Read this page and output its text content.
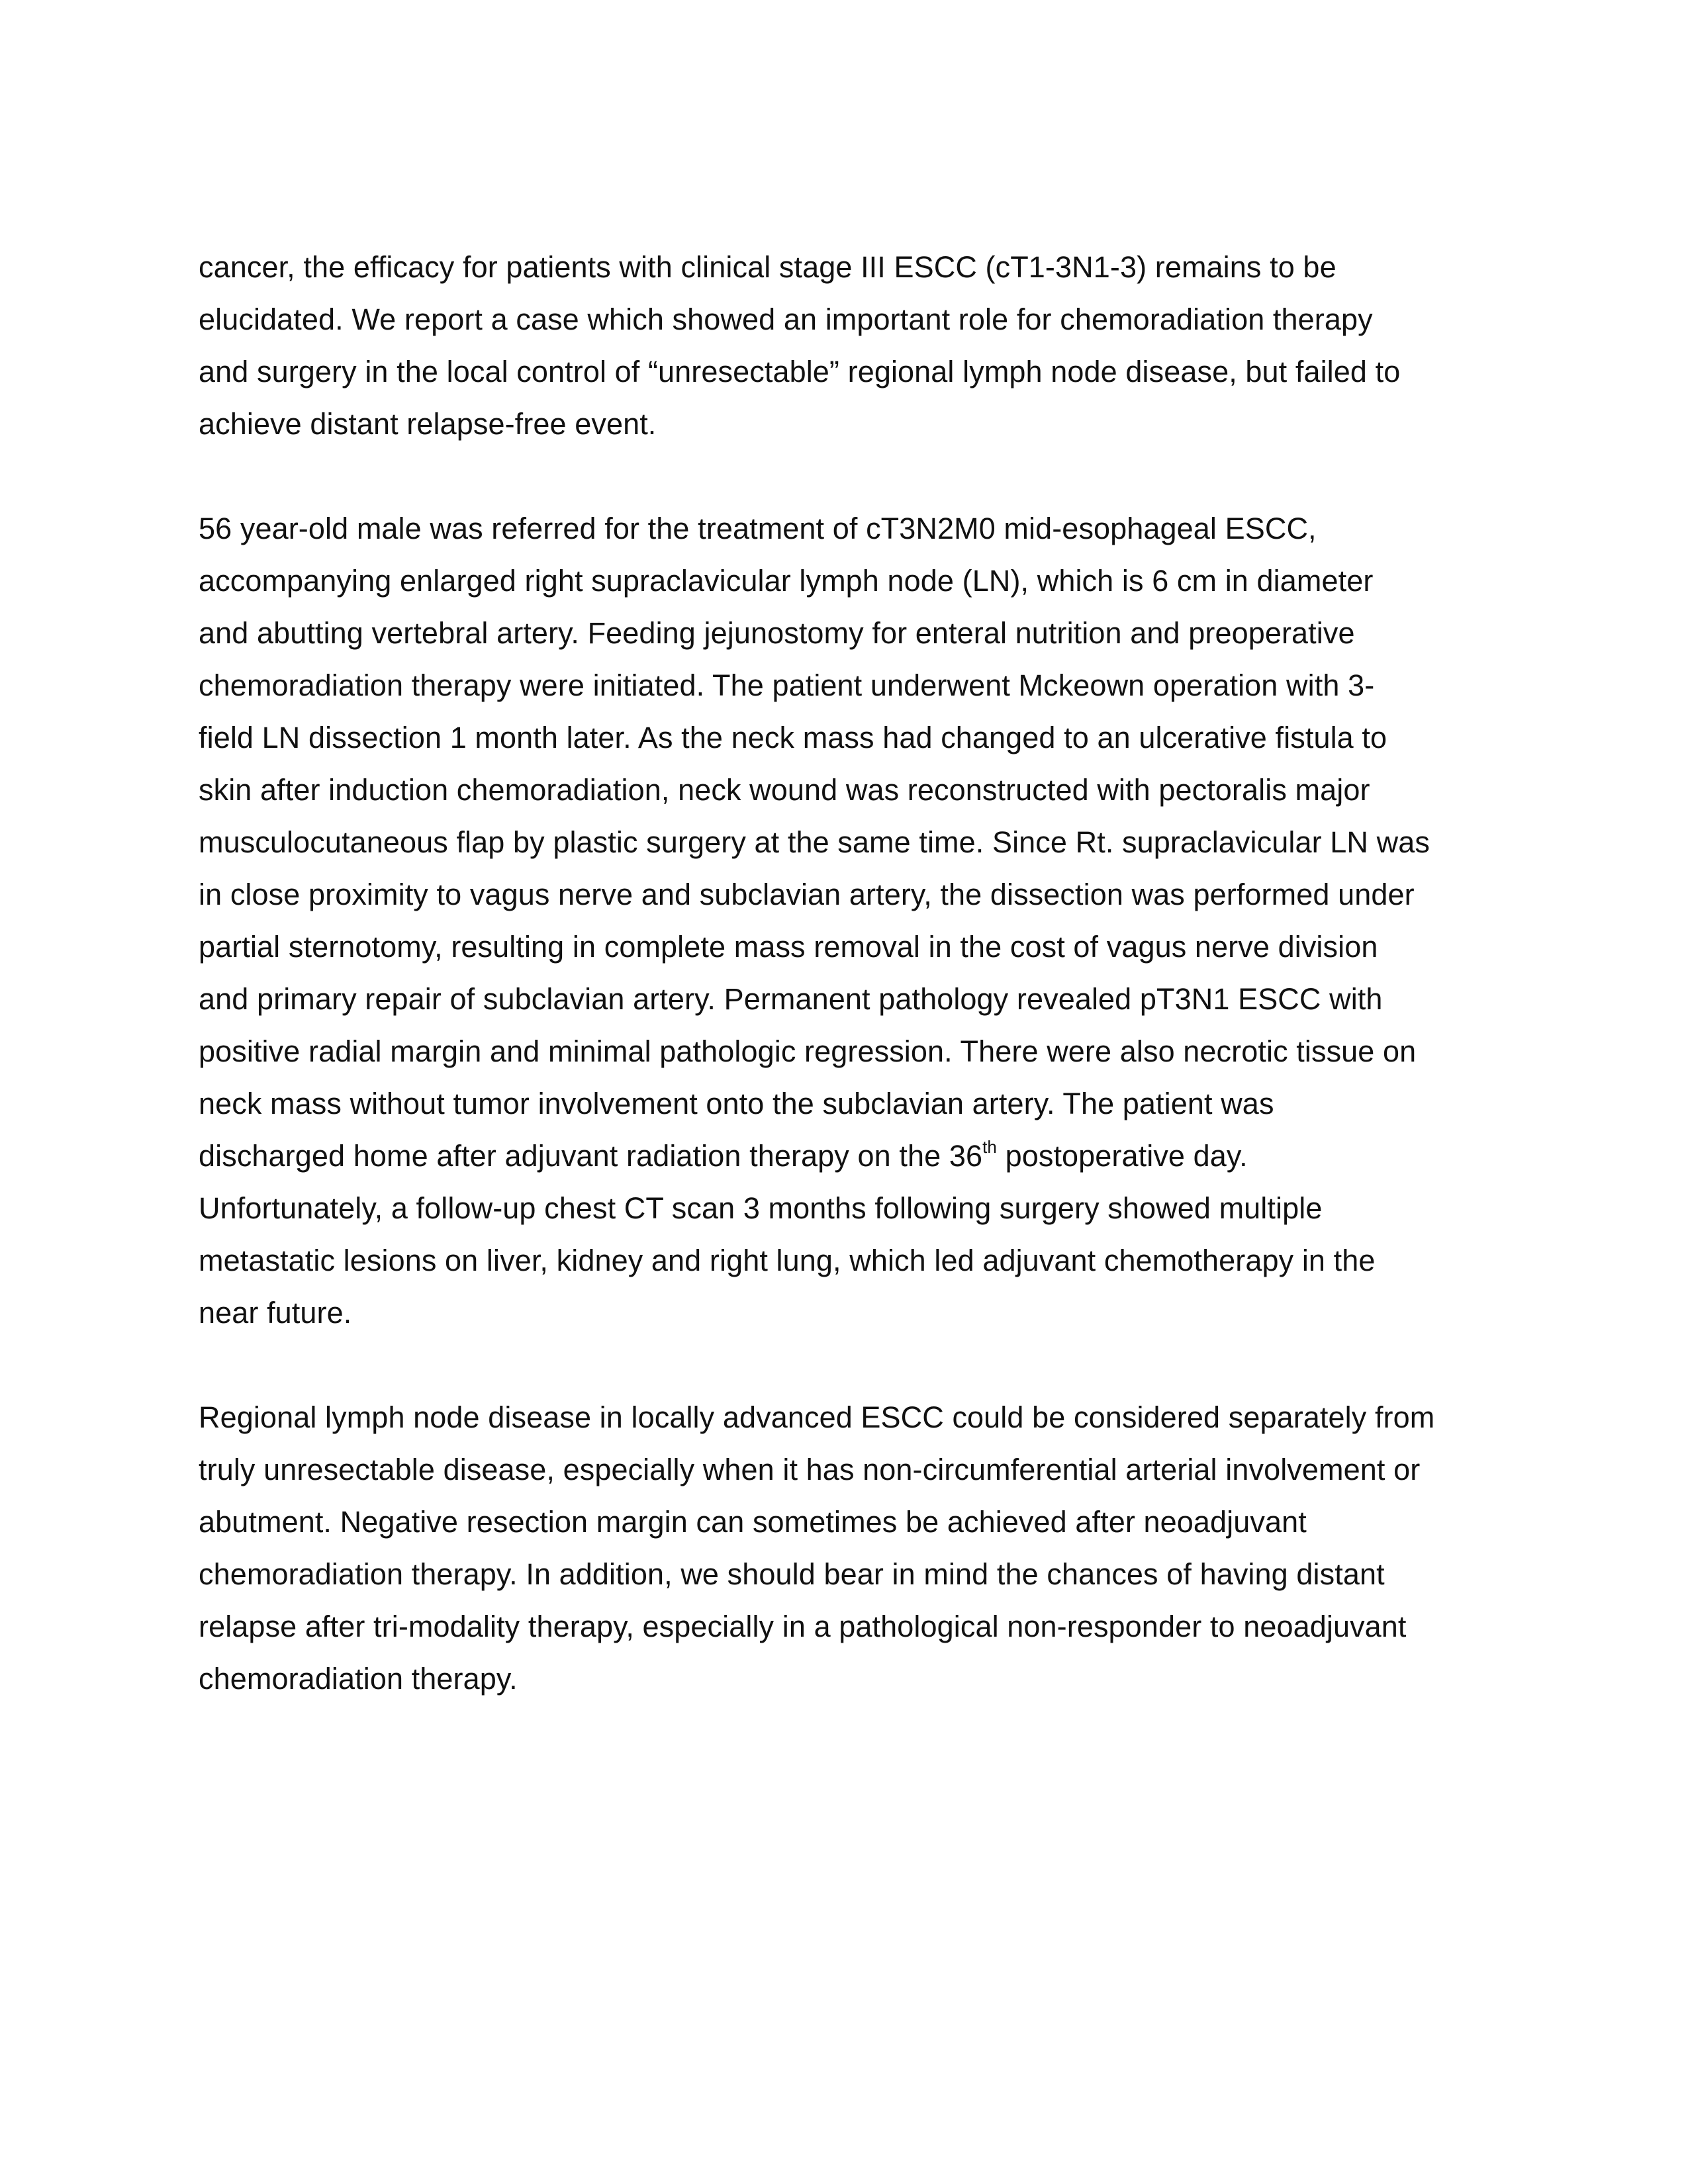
cancer, the efficacy for patients with clinical stage III ESCC (cT1-3N1-3) remains to be
elucidated. We report a case which showed an important role for chemoradiation therapy
and surgery in the local control of “unresectable” regional lymph node disease, but failed to
achieve distant relapse-free event.

56 year-old male was referred for the treatment of cT3N2M0 mid-esophageal ESCC,
accompanying enlarged right supraclavicular lymph node (LN), which is 6 cm in diameter
and abutting vertebral artery. Feeding jejunostomy for enteral nutrition and preoperative
chemoradiation therapy were initiated. The patient underwent Mckeown operation with 3-
field LN dissection 1 month later. As the neck mass had changed to an ulcerative fistula to
skin after induction chemoradiation, neck wound was reconstructed with pectoralis major
musculocutaneous flap by plastic surgery at the same time. Since Rt. supraclavicular LN was
in close proximity to vagus nerve and subclavian artery, the dissection was performed under
partial sternotomy, resulting in complete mass removal in the cost of vagus nerve division
and primary repair of subclavian artery. Permanent pathology revealed pT3N1 ESCC with
positive radial margin and minimal pathologic regression. There were also necrotic tissue on
neck mass without tumor involvement onto the subclavian artery. The patient was
discharged home after adjuvant radiation therapy on the 36th postoperative day.
Unfortunately, a follow-up chest CT scan 3 months following surgery showed multiple
metastatic lesions on liver, kidney and right lung, which led adjuvant chemotherapy in the
near future.

Regional lymph node disease in locally advanced ESCC could be considered separately from
truly unresectable disease, especially when it has non-circumferential arterial involvement or
abutment. Negative resection margin can sometimes be achieved after neoadjuvant
chemoradiation therapy. In addition, we should bear in mind the chances of having distant
relapse after tri-modality therapy, especially in a pathological non-responder to neoadjuvant
chemoradiation therapy.
